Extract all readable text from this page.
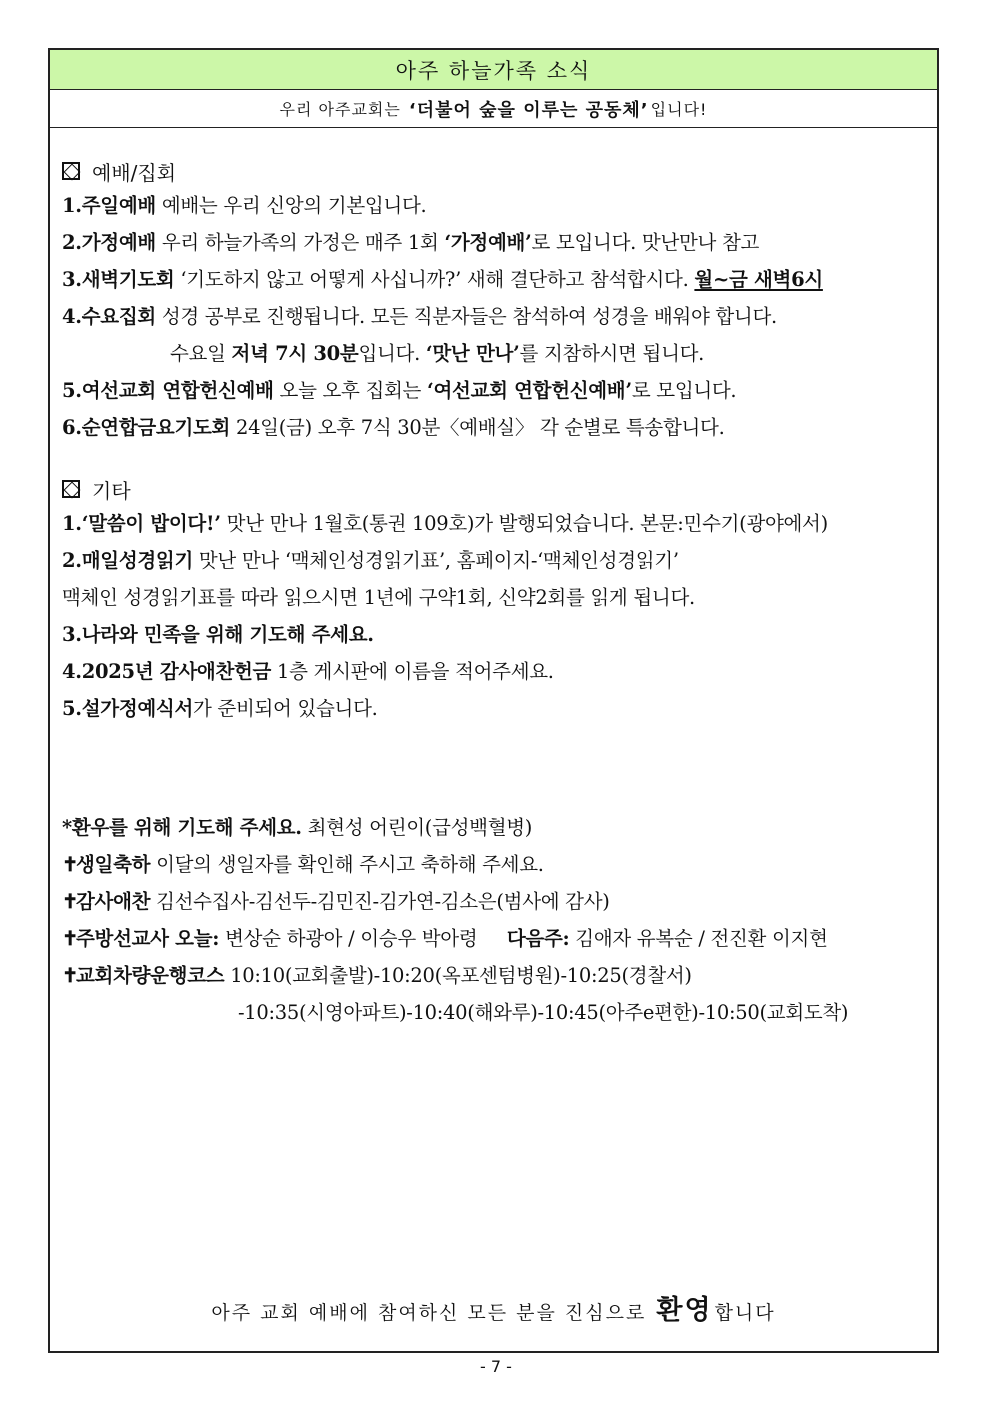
아주 하늘가족 소식
우리 아주교회는
‘더불어 숲을 이루는 공동체’ 입니다!
예배/집회
1.주일예배 예배는 우리 신앙의 기본입니다.
2.가정예배 우리 하늘가족의 가정은 매주 1회 ‘가정예배’로 모입니다. 맛난만나 참고
3.새벽기도회 ‘기도하지 않고 어떻게 사십니까?’ 새해 결단하고 참석합시다. 월~금 새벽6시
4.수요집회 성경 공부로 진행됩니다. 모든 직분자들은 참석하여 성경을 배워야 합니다.
수요일 저녁 7시 30분입니다. ‘맛난 만나’를 지참하시면 됩니다.
5.여선교회 연합헌신예배 오늘 오후 집회는 ‘여선교회 연합헌신예배’로 모입니다.
6.순연합금요기도회 24일(금) 오후 7식 30분〈예배실〉 각 순별로 특송합니다.
기타
1.‘말씀이 밥이다!’ 맛난 만나 1월호(통권 109호)가 발행되었습니다. 본문:민수기(광야에서)
2.매일성경읽기 맛난 만나 ‘맥체인성경읽기표’, 홈페이지-‘맥체인성경읽기’
맥체인 성경읽기표를 따라 읽으시면 1년에 구약1회, 신약2회를 읽게 됩니다.
3.나라와 민족을 위해 기도해 주세요.
4.2025년 감사애찬헌금 1층 게시판에 이름을 적어주세요.
5.설가정예식서가 준비되어 있습니다.
*환우를 위해 기도해 주세요. 최현성 어린이(급성백혈병)
✝생일축하 이달의 생일자를 확인해 주시고 축하해 주세요.
✝감사애찬 김선수집사-김선두-김민진-김가연-김소은(범사에 감사)
✝주방선교사 오늘: 변상순 하광아 / 이승우 박아령 다음주: 김애자 유복순 / 전진환 이지현
✝교회차량운행코스 10:10(교회출발)-10:20(옥포센텀병원)-10:25(경찰서)
-10:35(시영아파트)-10:40(해와루)-10:45(아주e편한)-10:50(교회도착)
아주 교회 예배에 참여하신 모든 분을 진심으로 환영 합니다
- 7 -
